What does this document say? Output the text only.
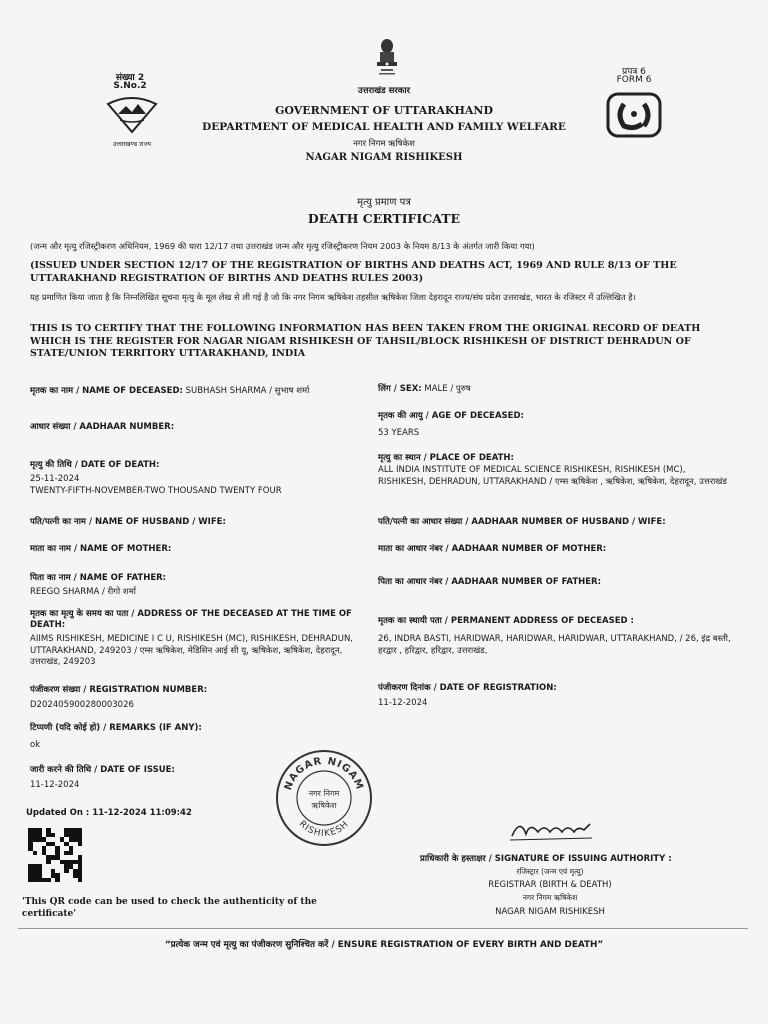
संख्या 2
S.No.2
उत्तराखण्ड राज्य
प्रपत्र 6
FORM 6
उत्तराखंड सरकार
GOVERNMENT OF UTTARAKHAND
DEPARTMENT OF MEDICAL HEALTH AND FAMILY WELFARE
नगर निगम ऋषिकेश
NAGAR NIGAM RISHIKESH
मृत्यु प्रमाण पत्र
DEATH CERTIFICATE
(जन्म और मृत्यु रजिस्ट्रीकरण अधिनियम, 1969 की धारा 12/17 तथा उत्तराखंड जन्म और मृत्यु रजिस्ट्रीकरण नियम 2003 के नियम 8/13 के अंतर्गत जारी किया गया)
(ISSUED UNDER SECTION 12/17 OF THE REGISTRATION OF BIRTHS AND DEATHS ACT, 1969 AND RULE 8/13 OF THE UTTARAKHAND REGISTRATION OF BIRTHS AND DEATHS RULES 2003)
यह प्रमाणित किया जाता है कि निम्नलिखित सूचना मृत्यु के मूल लेख से ली गई है जो कि नगर निगम ऋषिकेश तहसील ऋषिकेश जिला देहरादून राज्य/संघ प्रदेश उत्तराखंड, भारत के रजिस्टर में उल्लिखित है।
THIS IS TO CERTIFY THAT THE FOLLOWING INFORMATION HAS BEEN TAKEN FROM THE ORIGINAL RECORD OF DEATH WHICH IS THE REGISTER FOR NAGAR NIGAM RISHIKESH OF TAHSIL/BLOCK RISHIKESH OF DISTRICT DEHRADUN OF STATE/UNION TERRITORY UTTARAKHAND, INDIA
मृतक का नाम / NAME OF DECEASED: SUBHASH SHARMA / सुभाष शर्मा	लिंग / SEX: MALE / पुरुष
आधार संख्या / AADHAAR NUMBER:
मृतक की आयु / AGE OF DECEASED:
53 YEARS
मृत्यु की तिथि / DATE OF DEATH:
25-11-2024
TWENTY-FIFTH-NOVEMBER-TWO THOUSAND TWENTY FOUR
मृत्यु का स्थान / PLACE OF DEATH:
ALL INDIA INSTITUTE OF MEDICAL SCIENCE RISHIKESH, RISHIKESH (MC), RISHIKESH, DEHRADUN, UTTARAKHAND / एम्स ऋषिकेश , ऋषिकेश, ऋषिकेश, देहरादून, उत्तराखंड
पति/पत्नी का नाम / NAME OF HUSBAND / WIFE:	पति/पत्नी का आधार संख्या / AADHAAR NUMBER OF HUSBAND / WIFE:
माता का नाम / NAME OF MOTHER:	माता का आधार नंबर / AADHAAR NUMBER OF MOTHER:
पिता का नाम / NAME OF FATHER:
REEGO SHARMA / रीगो शर्मा
पिता का आधार नंबर / AADHAAR NUMBER OF FATHER:
मृतक का मृत्यु के समय का पता / ADDRESS OF THE DECEASED AT THE TIME OF DEATH:
AIIMS RISHIKESH, MEDICINE I C U, RISHIKESH (MC), RISHIKESH, DEHRADUN, UTTARAKHAND, 249203 / एम्स ऋषिकेश, मेडिसिन आई सी यू, ऋषिकेश, ऋषिकेश, देहरादून, उत्तराखंड, 249203
मृतक का स्थायी पता / PERMANENT ADDRESS OF DECEASED :
26, INDRA BASTI, HARIDWAR, HARIDWAR, HARIDWAR, UTTARAKHAND, / 26, इंद्र बस्ती, हरद्वार , हरिद्वार, हरिद्वार, उत्तराखंड,
पंजीकरण संख्या / REGISTRATION NUMBER:
D202405900280003026
पंजीकरण दिनांक / DATE OF REGISTRATION:
11-12-2024
टिप्पणी (यदि कोई हो) / REMARKS (IF ANY):
ok
जारी करने की तिथि / DATE OF ISSUE:
11-12-2024
Updated On : 11-12-2024 11:09:42
NAGAR NIGAM
RISHIKESH
नगर निगम
ऋषिकेश
'This QR code can be used to check the authenticity of the certificate'
Aman
प्राधिकारी के हस्ताक्षर / SIGNATURE OF ISSUING AUTHORITY :
रजिस्ट्रार (जन्म एवं मृत्यु)
REGISTRAR (BIRTH & DEATH)
नगर निगम ऋषिकेश
NAGAR NIGAM RISHIKESH
“प्रत्येक जन्म एवं मृत्यु का पंजीकरण सुनिश्चित करें / ENSURE REGISTRATION OF EVERY BIRTH AND DEATH”
